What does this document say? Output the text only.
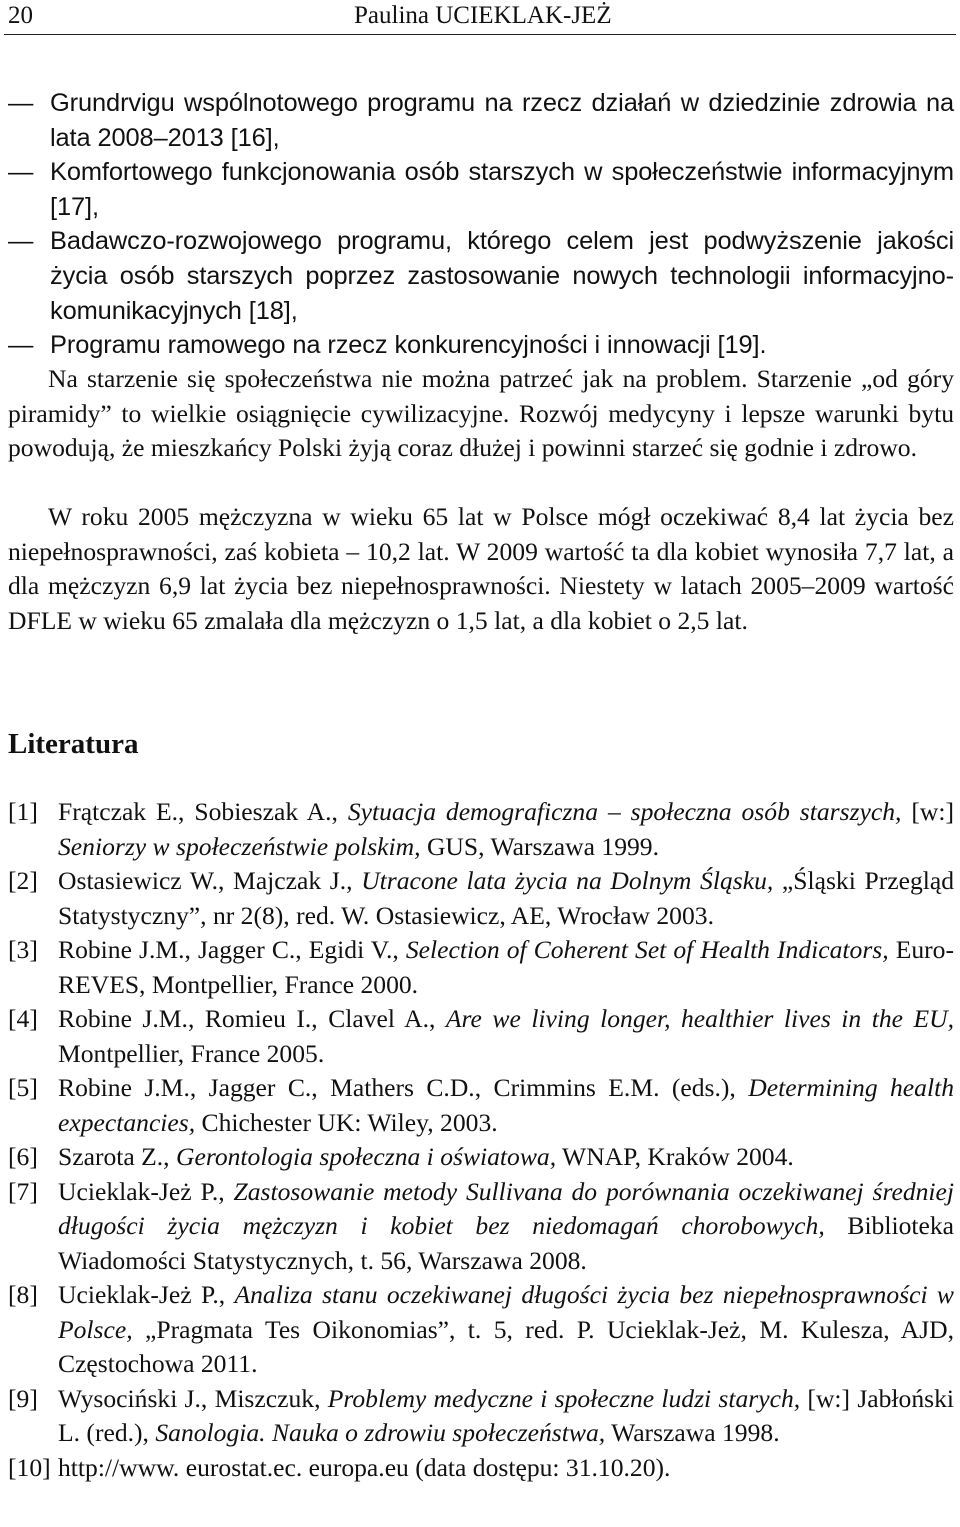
20	Paulina UCIEKLAK-JEŻ
— Grundrvigu wspólnotowego programu na rzecz działań w dziedzinie zdrowia na lata 2008–2013 [16],
— Komfortowego funkcjonowania osób starszych w społeczeństwie informacyjnym [17],
— Badawczo-rozwojowego programu, którego celem jest podwyższenie jakości życia osób starszych poprzez zastosowanie nowych technologii informacyjno-komunikacyjnych [18],
— Programu ramowego na rzecz konkurencyjności i innowacji [19].

Na starzenie się społeczeństwa nie można patrzeć jak na problem. Starzenie „od góry piramidy” to wielkie osiągnięcie cywilizacyjne. Rozwój medycyny i lepsze warunki bytu powodują, że mieszkańcy Polski żyją coraz dłużej i powinni starzeć się godnie i zdrowo.

W roku 2005 mężczyzna w wieku 65 lat w Polsce mógł oczekiwać 8,4 lat życia bez niepełnosprawności, zaś kobieta – 10,2 lat. W 2009 wartość ta dla kobiet wynosiła 7,7 lat, a dla mężczyzn 6,9 lat życia bez niepełnosprawności. Niestety w latach 2005–2009 wartość DFLE w wieku 65 zmalała dla mężczyzn o 1,5 lat, a dla kobiet o 2,5 lat.

Literatura
[1] Frątczak E., Sobieszak A., Sytuacja demograficzna – społeczna osób starszych, [w:] Seniorzy w społeczeństwie polskim, GUS, Warszawa 1999.
[2] Ostasiewicz W., Majczak J., Utracone lata życia na Dolnym Śląsku, „Śląski Przegląd Statystyczny”, nr 2(8), red. W. Ostasiewicz, AE, Wrocław 2003.
[3] Robine J.M., Jagger C., Egidi V., Selection of Coherent Set of Health Indicators, Euro-REVES, Montpellier, France 2000.
[4] Robine J.M., Romieu I., Clavel A., Are we living longer, healthier lives in the EU, Montpellier, France 2005.
[5] Robine J.M., Jagger C., Mathers C.D., Crimmins E.M. (eds.), Determining health expectancies, Chichester UK: Wiley, 2003.
[6] Szarota Z., Gerontologia społeczna i oświatowa, WNAP, Kraków 2004.
[7] Ucieklak-Jeż P., Zastosowanie metody Sullivana do porównania oczekiwanej średniej długości życia mężczyzn i kobiet bez niedomagań chorobowych, Biblioteka Wiadomości Statystycznych, t. 56, Warszawa 2008.
[8] Ucieklak-Jeż P., Analiza stanu oczekiwanej długości życia bez niepełnosprawności w Polsce, „Pragmata Tes Oikonomias”, t. 5, red. P. Ucieklak-Jeż, M. Kulesza, AJD, Częstochowa 2011.
[9] Wysociński J., Miszczuk, Problemy medyczne i społeczne ludzi starych, [w:] Jabłoński L. (red.), Sanologia. Nauka o zdrowiu społeczeństwa, Warszawa 1998.
[10] http://www. eurostat.ec. europa.eu (data dostępu: 31.10.20).
